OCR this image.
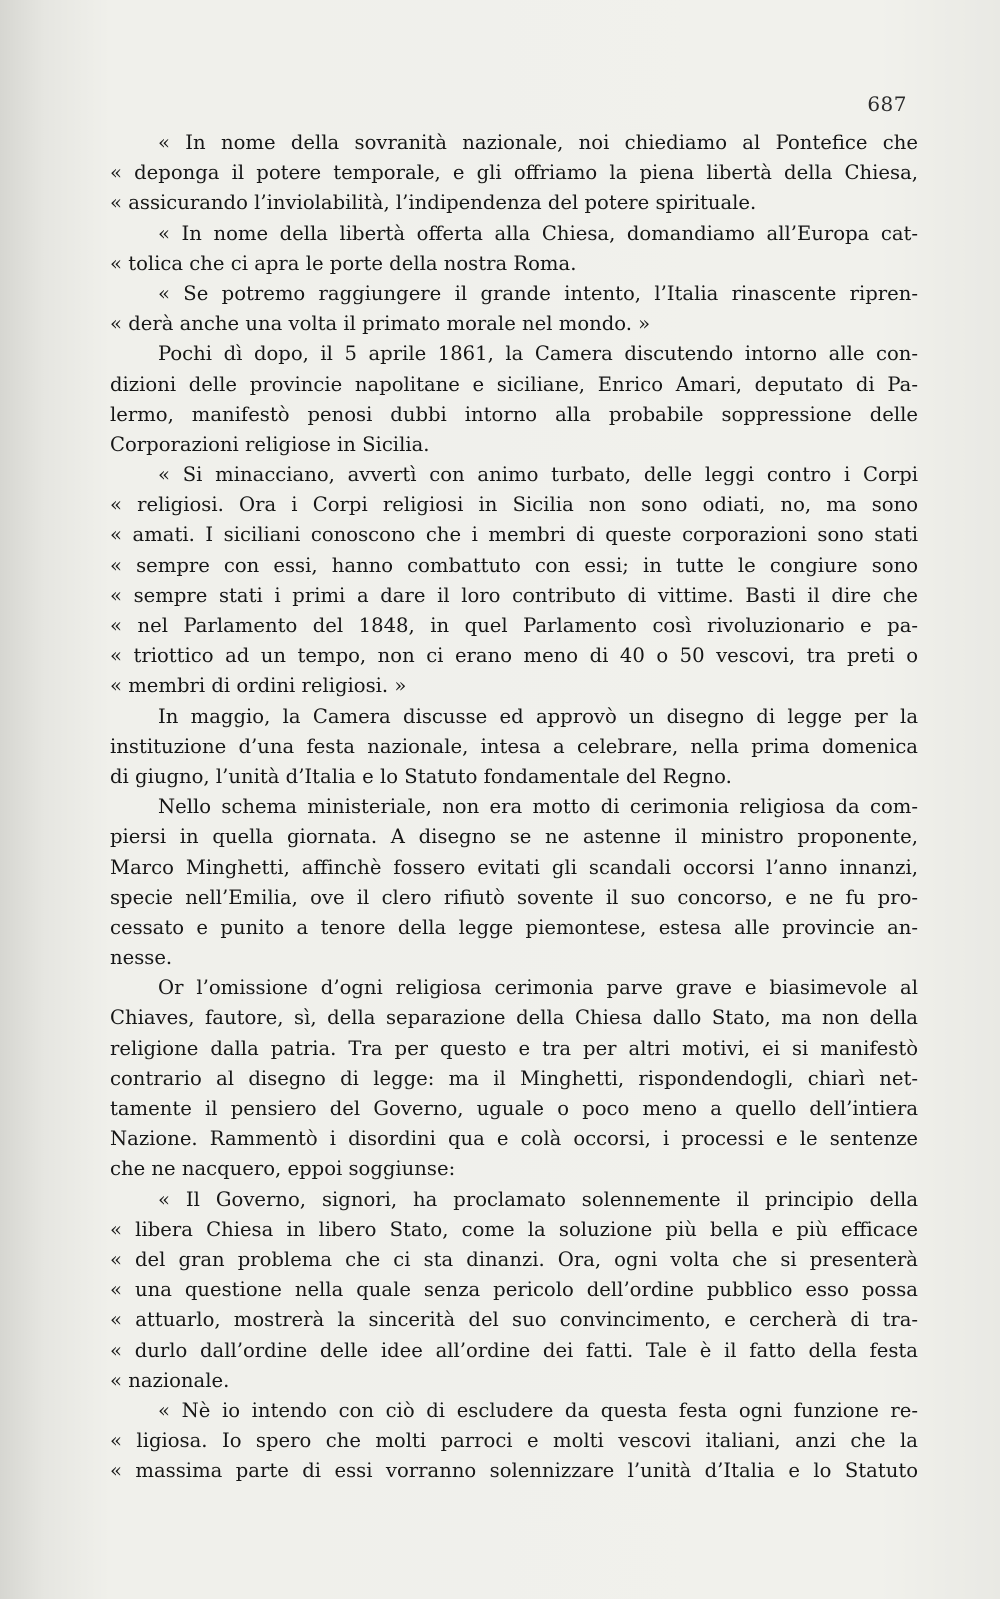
687
« In nome della sovranità nazionale, noi chiediamo al Pontefice che
« deponga il potere temporale, e gli offriamo la piena libertà della Chiesa,
« assicurando l’inviolabilità, l’indipendenza del potere spirituale.
« In nome della libertà offerta alla Chiesa, domandiamo all’Europa cat-
« tolica che ci apra le porte della nostra Roma.
« Se potremo raggiungere il grande intento, l’Italia rinascente ripren-
« derà anche una volta il primato morale nel mondo. »
Pochi dì dopo, il 5 aprile 1861, la Camera discutendo intorno alle con-
dizioni delle provincie napolitane e siciliane, Enrico Amari, deputato di Pa-
lermo, manifestò penosi dubbi intorno alla probabile soppressione delle
Corporazioni religiose in Sicilia.
« Si minacciano, avvertì con animo turbato, delle leggi contro i Corpi
« religiosi. Ora i Corpi religiosi in Sicilia non sono odiati, no, ma sono
« amati. I siciliani conoscono che i membri di queste corporazioni sono stati
« sempre con essi, hanno combattuto con essi; in tutte le congiure sono
« sempre stati i primi a dare il loro contributo di vittime. Basti il dire che
« nel Parlamento del 1848, in quel Parlamento così rivoluzionario e pa-
« triottico ad un tempo, non ci erano meno di 40 o 50 vescovi, tra preti o
« membri di ordini religiosi. »
In maggio, la Camera discusse ed approvò un disegno di legge per la
instituzione d’una festa nazionale, intesa a celebrare, nella prima domenica
di giugno, l’unità d’Italia e lo Statuto fondamentale del Regno.
Nello schema ministeriale, non era motto di cerimonia religiosa da com-
piersi in quella giornata. A disegno se ne astenne il ministro proponente,
Marco Minghetti, affinchè fossero evitati gli scandali occorsi l’anno innanzi,
specie nell’Emilia, ove il clero rifiutò sovente il suo concorso, e ne fu pro-
cessato e punito a tenore della legge piemontese, estesa alle provincie an-
nesse.
Or l’omissione d’ogni religiosa cerimonia parve grave e biasimevole al
Chiaves, fautore, sì, della separazione della Chiesa dallo Stato, ma non della
religione dalla patria. Tra per questo e tra per altri motivi, ei si manifestò
contrario al disegno di legge: ma il Minghetti, rispondendogli, chiarì net-
tamente il pensiero del Governo, uguale o poco meno a quello dell’intiera
Nazione. Rammentò i disordini qua e colà occorsi, i processi e le sentenze
che ne nacquero, eppoi soggiunse:
« Il Governo, signori, ha proclamato solennemente il principio della
« libera Chiesa in libero Stato, come la soluzione più bella e più efficace
« del gran problema che ci sta dinanzi. Ora, ogni volta che si presenterà
« una questione nella quale senza pericolo dell’ordine pubblico esso possa
« attuarlo, mostrerà la sincerità del suo convincimento, e cercherà di tra-
« durlo dall’ordine delle idee all’ordine dei fatti. Tale è il fatto della festa
« nazionale.
« Nè io intendo con ciò di escludere da questa festa ogni funzione re-
« ligiosa. Io spero che molti parroci e molti vescovi italiani, anzi che la
« massima parte di essi vorranno solennizzare l’unità d’Italia e lo Statuto
